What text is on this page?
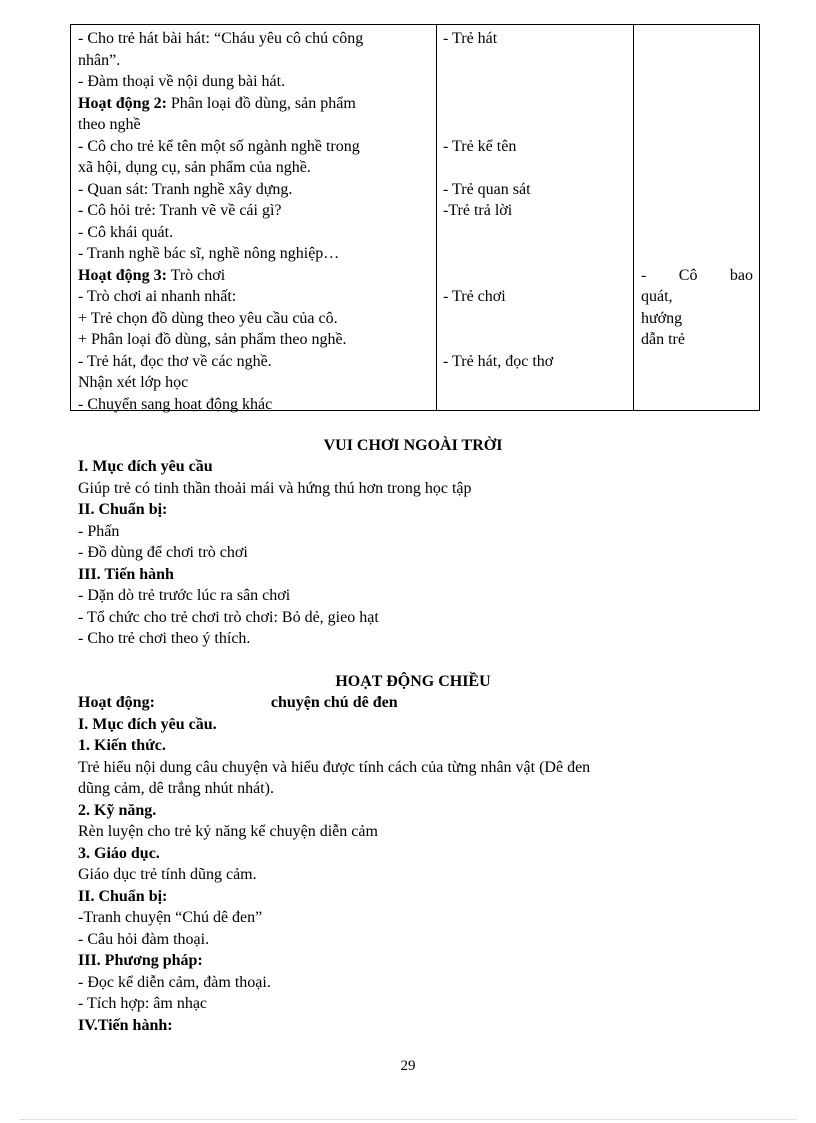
- Cho trẻ hát bài hát: “Cháu yêu cô chú công
nhân”.
- Đàm thoại về nội dung bài hát.
Hoạt động 2: Phân loại đồ dùng, sản phẩm
theo nghề
- Cô cho trẻ kể tên một số ngành nghề trong
xã hội, dụng cụ, sản phẩm của nghề.
- Quan sát: Tranh nghề xây dựng.
- Cô hỏi trẻ: Tranh vẽ về cái gì?
- Cô khái quát.
- Tranh nghề bác sĩ, nghề nông nghiệp…
Hoạt động 3: Trò chơi
- Trò chơi ai nhanh nhất:
+ Trẻ chọn đồ dùng theo yêu cầu của cô.
+ Phân loại đồ dùng, sản phẩm theo nghề.
- Trẻ hát, đọc thơ về các nghề.
Nhận xét lớp học
- Chuyển sang hoạt động khác
- Trẻ hát
- Trẻ kể tên
- Trẻ quan sát
-Trẻ trả lời
- Trẻ chơi
- Trẻ hát, đọc thơ
- Cô bao
quát,
hướng
dẫn trẻ
VUI CHƠI NGOÀI TRỜI
I. Mục đích yêu cầu
Giúp trẻ có tinh thần thoải mái và hứng thú hơn trong học tập
II. Chuẩn bị:
- Phấn
- Đồ dùng để chơi trò chơi
III. Tiến hành
- Dặn dò trẻ trước lúc ra sân chơi
- Tổ chức cho trẻ chơi trò chơi: Bỏ dẻ, gieo hạt
- Cho trẻ chơi theo ý thích.
HOẠT ĐỘNG CHIỀU
Hoạt động:	chuyện chú dê đen
I. Mục đích yêu cầu.
1. Kiến thức.
Trẻ hiểu nội dung câu chuyện và hiểu được tính cách của từng nhân vật (Dê đen
dũng cảm, dê trắng nhút nhát).
2. Kỹ năng.
Rèn luyện cho trẻ kỷ năng kể chuyện diễn cảm
3. Giáo dục.
Giáo dục trẻ tính dũng cảm.
II. Chuẩn bị:
-Tranh chuyện “Chú dê đen”
- Câu hỏi đàm thoại.
III. Phương pháp:
- Đọc kể diễn cảm, đàm thoại.
- Tích hợp: âm nhạc
IV.Tiến hành:
29
